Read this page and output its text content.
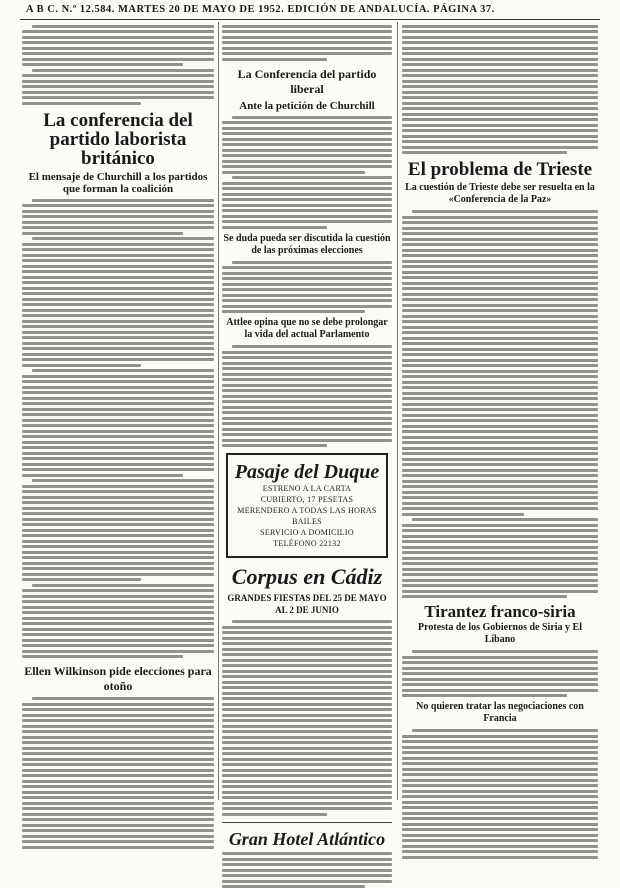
A B C. N.º 12.584. MARTES 20 DE MAYO DE 1952. EDICIÓN DE ANDALUCÍA. PÁGINA 37.
La conferencia del partido laborista británico
El mensaje de Churchill a los partidos que forman la coalición
Ellen Wilkinson pide elecciones para otoño
La Conferencia del partido liberal
Ante la petición de Churchill
Se duda pueda ser discutida la cuestión de las próximas elecciones
Attlee opina que no se debe prolongar la vida del actual Parlamento
Pasaje del Duque
ESTRENO A LA CARTA
CUBIERTO, 17 PESETAS
MERENDERO A TODAS LAS HORAS
BAILES
SERVICIO A DOMICILIO
TELÉFONO 22132
Corpus en Cádiz
GRANDES FIESTAS DEL 25 DE MAYO AL 2 DE JUNIO
Gran Hotel Atlántico
El problema de Trieste
La cuestión de Trieste debe ser resuelta en la «Conferencia de la Paz»
Tirantez franco-siria
Protesta de los Gobiernos de Siria y El Líbano
No quieren tratar las negociaciones con Francia
